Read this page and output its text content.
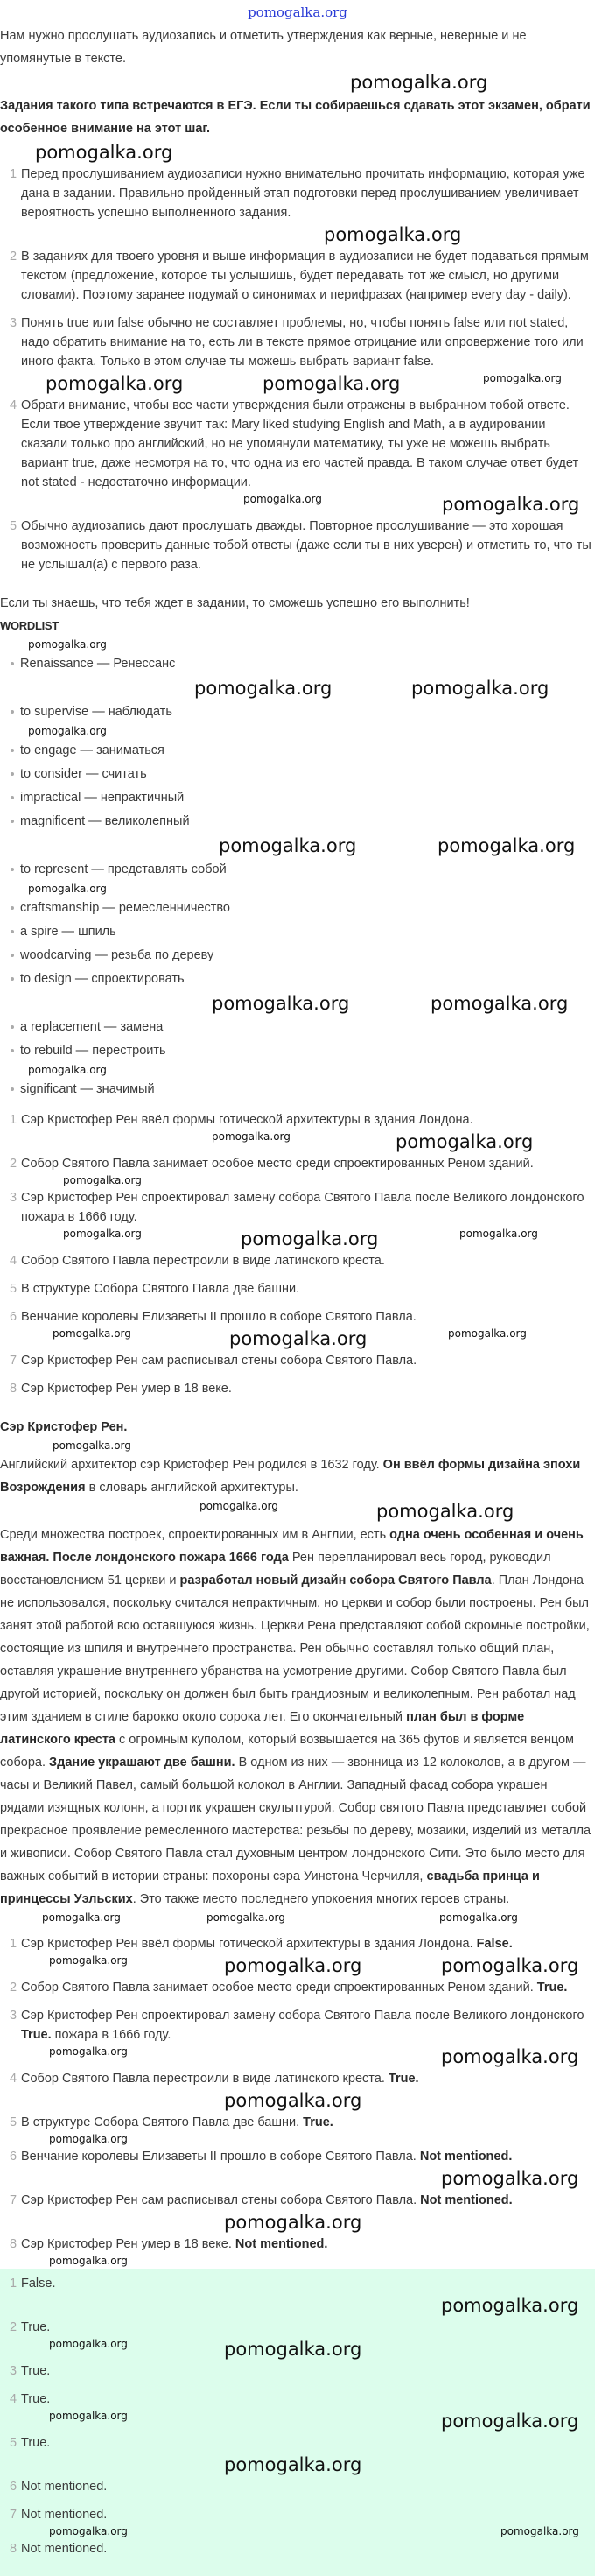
pomogalka.org

Нам нужно прослушать аудиозапись и отметить утверждения как верные, неверные и не упомянутые в тексте.

pomogalka.org

Задания такого типа встречаются в ЕГЭ. Если ты собираешься сдавать этот экзамен, обрати особенное внимание на этот шаг.

pomogalka.org
1 Перед прослушиванием аудиозаписи нужно внимательно прочитать информацию, которая уже дана в задании. Правильно пройденный этап подготовки перед прослушиванием увеличивает вероятность успешно выполненного задания.
pomogalka.org
2 В заданиях для твоего уровня и выше информация в аудиозаписи не будет подаваться прямым текстом (предложение, которое ты услышишь, будет передавать тот же смысл, но другими словами). Поэтому заранее подумай о синонимах и перифразах (например every day - daily).
3 Понять true или false обычно не составляет проблемы, но, чтобы понять false или not stated, надо обратить внимание на то, есть ли в тексте прямое отрицание или опровержение того или иного факта. Только в этом случае ты можешь выбрать вариант false.
pomogalka.org	pomogalka.org	pomogalka.org
4 Обрати внимание, чтобы все части утверждения были отражены в выбранном тобой ответе. Если твое утверждение звучит так: Mary liked studying English and Math, а в аудировании сказали только про английский, но не упомянули математику, ты уже не можешь выбрать вариант true, даже несмотря на то, что одна из его частей правда. В таком случае ответ будет not stated - недостаточно информации.
pomogalka.org	pomogalka.org
5 Обычно аудиозапись дают прослушать дважды. Повторное прослушивание — это хорошая возможность проверить данные тобой ответы (даже если ты в них уверен) и отметить то, что ты не услышал(а) с первого раза.

Если ты знаешь, что тебя ждет в задании, то сможешь успешно его выполнить!

WORDLIST
pomogalka.org
Renaissance — Ренессанс
pomogalka.org	pomogalka.org
to supervise — наблюдать
pomogalka.org
to engage — заниматься
to consider — считать
impractical — непрактичный
magnificent — великолепный
pomogalka.org	pomogalka.org
to represent — представлять собой
pomogalka.org
craftsmanship — ремесленничество
a spire — шпиль
woodcarving — резьба по дереву
to design — спроектировать
pomogalka.org	pomogalka.org
a replacement — замена
to rebuild — перестроить
pomogalka.org
significant — значимый
1 Сэр Кристофер Рен ввёл формы готической архитектуры в здания Лондона.
pomogalka.org	pomogalka.org
2 Собор Святого Павла занимает особое место среди спроектированных Реном зданий.
pomogalka.org
3 Сэр Кристофер Рен спроектировал замену собора Святого Павла после Великого лондонского пожара в 1666 году.
pomogalka.org	pomogalka.org	pomogalka.org
4 Собор Святого Павла перестроили в виде латинского креста.
5 В структуре Собора Святого Павла две башни.
6 Венчание королевы Елизаветы II прошло в соборе Святого Павла.
pomogalka.org	pomogalka.org	pomogalka.org
7 Сэр Кристофер Рен сам расписывал стены собора Святого Павла.
8 Сэр Кристофер Рен умер в 18 веке.
Сэр Кристофер Рен.
pomogalka.org

Английский архитектор сэр Кристофер Рен родился в 1632 году. Он ввёл формы дизайна эпохи Возрождения в словарь английской архитектуры.

pomogalka.org	pomogalka.org

Среди множества построек, спроектированных им в Англии, есть одна очень особенная и очень важная. После лондонского пожара 1666 года Рен перепланировал весь город, руководил восстановлением 51 церкви и разработал новый дизайн собора Святого Павла. План Лондона не использовался, поскольку считался непрактичным, но церкви и собор были построены. Рен был занят этой работой всю оставшуюся жизнь. Церкви Рена представляют собой скромные постройки, состоящие из шпиля и внутреннего пространства. Рен обычно составлял только общий план, оставляя украшение внутреннего убранства на усмотрение другими. Собор Святого Павла был другой историей, поскольку он должен был быть грандиозным и великолепным. Рен работал над этим зданием в стиле барокко около сорока лет. Его окончательный план был в форме латинского креста с огромным куполом, который возвышается на 365 футов и является венцом собора. Здание украшают две башни. В одном из них — звонница из 12 колоколов, а в другом — часы и Великий Павел, самый большой колокол в Англии. Западный фасад собора украшен рядами изящных колонн, а портик украшен скульптурой. Собор святого Павла представляет собой прекрасное проявление ремесленного мастерства: резьбы по дереву, мозаики, изделий из металла и живописи. Собор Святого Павла стал духовным центром лондонского Сити. Это было место для важных событий в истории страны: похороны сэра Уинстона Черчилля, свадьба принца и принцессы Уэльских. Это также место последнего упокоения многих героев страны.

pomogalka.org	pomogalka.org	pomogalka.org
1 Сэр Кристофер Рен ввёл формы готической архитектуры в здания Лондона. False.
pomogalka.org	pomogalka.org	pomogalka.org
2 Собор Святого Павла занимает особое место среди спроектированных Реном зданий. True.
3 Сэр Кристофер Рен спроектировал замену собора Святого Павла после Великого лондонского True. пожара в 1666 году.
pomogalka.org	pomogalka.org
4 Собор Святого Павла перестроили в виде латинского креста. True.
pomogalka.org
5 В структуре Собора Святого Павла две башни. True.
pomogalka.org
6 Венчание королевы Елизаветы II прошло в соборе Святого Павла. Not mentioned.
pomogalka.org
7 Сэр Кристофер Рен сам расписывал стены собора Святого Павла. Not mentioned.
pomogalka.org
8 Сэр Кристофер Рен умер в 18 веке. Not mentioned.
pomogalka.org
1 False.
pomogalka.org
2 True.
pomogalka.org	pomogalka.org
3 True.
4 True.
pomogalka.org	pomogalka.org
5 True.
pomogalka.org
6 Not mentioned.
7 Not mentioned.
pomogalka.org	pomogalka.org
8 Not mentioned.
